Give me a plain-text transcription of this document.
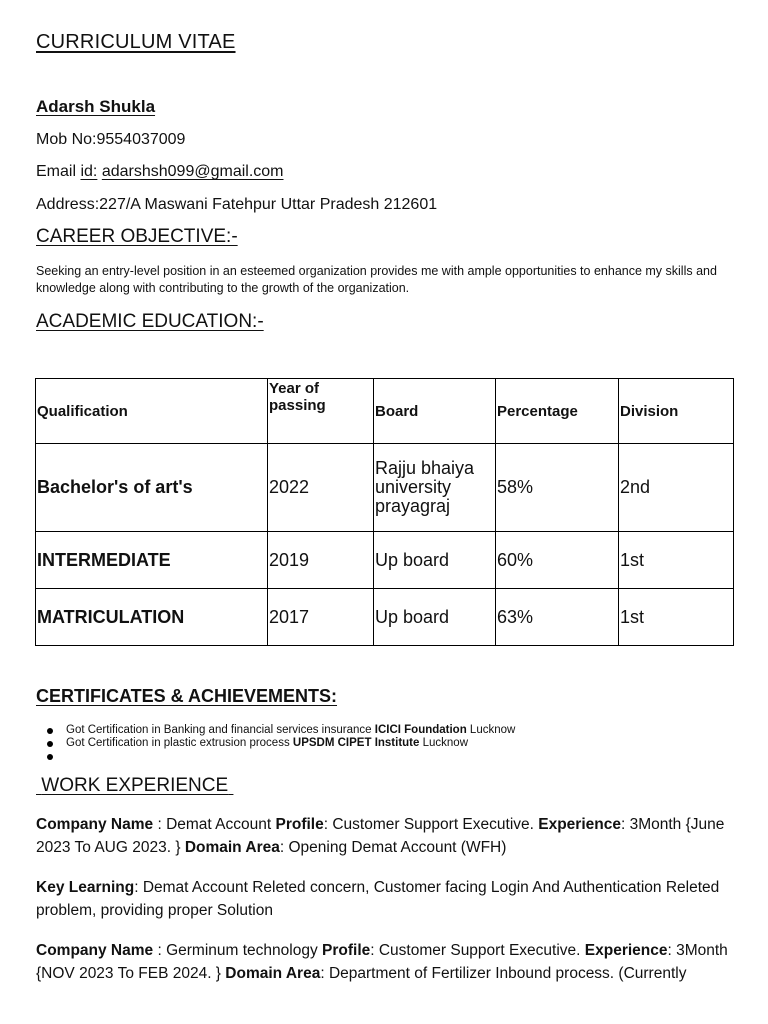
CURRICULUM VITAE
Adarsh Shukla
Mob No:9554037009
Email id: adarshsh099@gmail.com
Address:227/A Maswani Fatehpur Uttar Pradesh 212601
CAREER OBJECTIVE:-

Seeking an entry-level position in an esteemed organization provides me with ample opportunities to enhance my skills and knowledge along with contributing to the growth of the organization.

ACADEMIC EDUCATION:-
Qualification	Year of passing	Board	Percentage	Division
Bachelor's of art's	2022	Rajju bhaiya university prayagraj	58%	2nd
INTERMEDIATE	2019	Up board	60%	1st
MATRICULATION	2017	Up board	63%	1st
CERTIFICATES & ACHIEVEMENTS:
Got Certification in Banking and financial services insurance ICICI Foundation Lucknow
Got Certification in plastic extrusion process UPSDM CIPET Institute Lucknow
WORK EXPERIENCE

Company Name : Demat Account Profile: Customer Support Executive. Experience: 3Month {June 2023 To AUG 2023. } Domain Area: Opening Demat Account (WFH)

Key Learning: Demat Account Releted concern, Customer facing Login And Authentication Releted problem, providing proper Solution

Company Name : Germinum technology Profile: Customer Support Executive. Experience: 3Month {NOV 2023 To FEB 2024. } Domain Area: Department of Fertilizer Inbound process. (Currently
